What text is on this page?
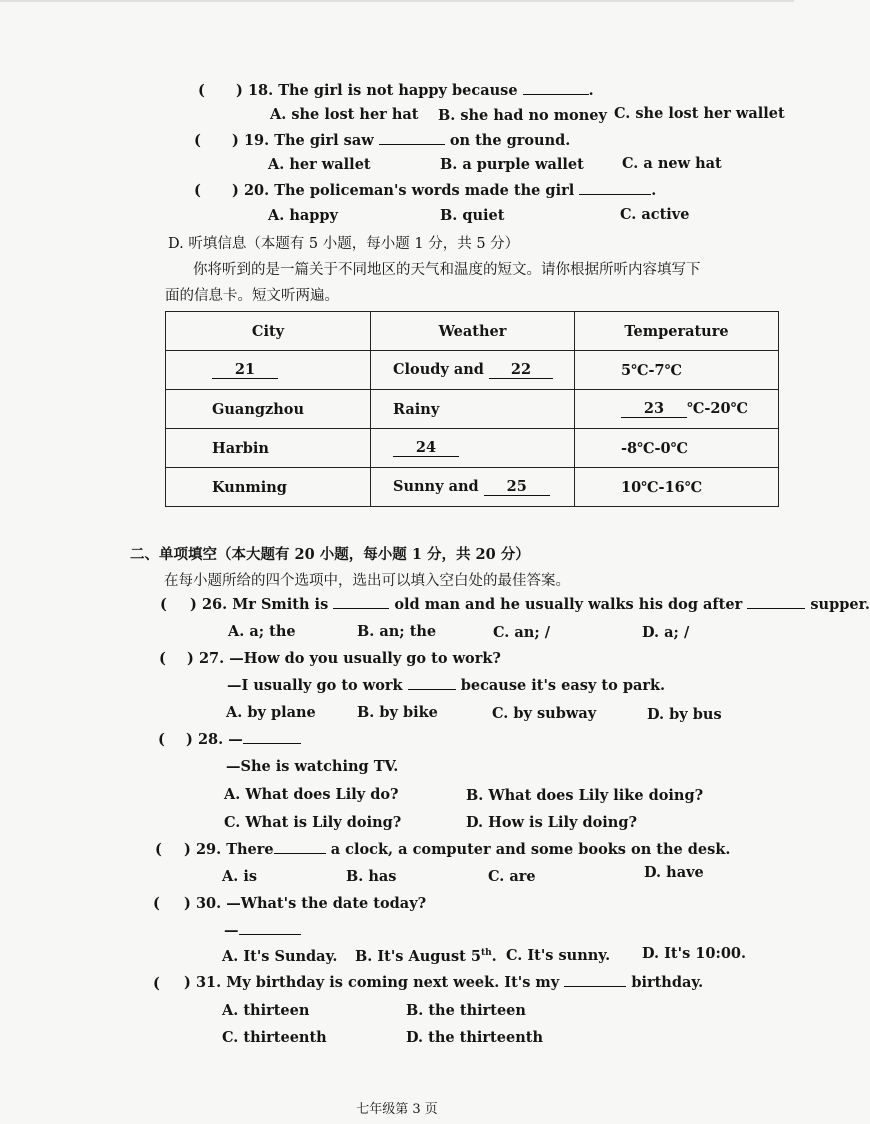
( ) 18. The girl is not happy because	.
A. she lost her hat B. she had no money C. she lost her wallet
( ) 19. The girl saw	on the ground.
A. her wallet	B. a purple wallet	C. a new hat
( ) 20. The policeman's words made the girl	.
A. happy	B. quiet	C. active
D. 听填信息（本题有 5 小题，每小题 1 分，共 5 分）
你将听到的是一篇关于不同地区的天气和温度的短文。请你根据所听内容填写下
面的信息卡。短文听两遍。
City	Weather	Temperature
21	Cloudy and 22	5℃-7℃
Guangzhou	Rainy	23 ℃-20℃
Harbin	24	-8℃-0℃
Kunming	Sunny and 25	10℃-16℃
二、单项填空（本大题有 20 小题，每小题 1 分，共 20 分）
在每小题所给的四个选项中，选出可以填入空白处的最佳答案。
( ) 26. Mr Smith is	old man and he usually walks his dog after	supper.
A. a; the	B. an; the	C. an; /	D. a; /
( ) 27. —How do you usually go to work?
—I usually go to work	because it's easy to park.
A. by plane	B. by bike	C. by subway	D. by bus
( ) 28. —
—She is watching TV.
A. What does Lily do?	B. What does Lily like doing?
C. What is Lily doing?	D. How is Lily doing?
( ) 29. There	a clock, a computer and some books on the desk.
A. is	B. has	C. are	D. have
( ) 30. —What's the date today?
—
A. It's Sunday. B. It's August 5th. C. It's sunny. D. It's 10:00.
( ) 31. My birthday is coming next week. It's my	birthday.
A. thirteen	B. the thirteen
C. thirteenth	D. the thirteenth
七年级第 3 页
